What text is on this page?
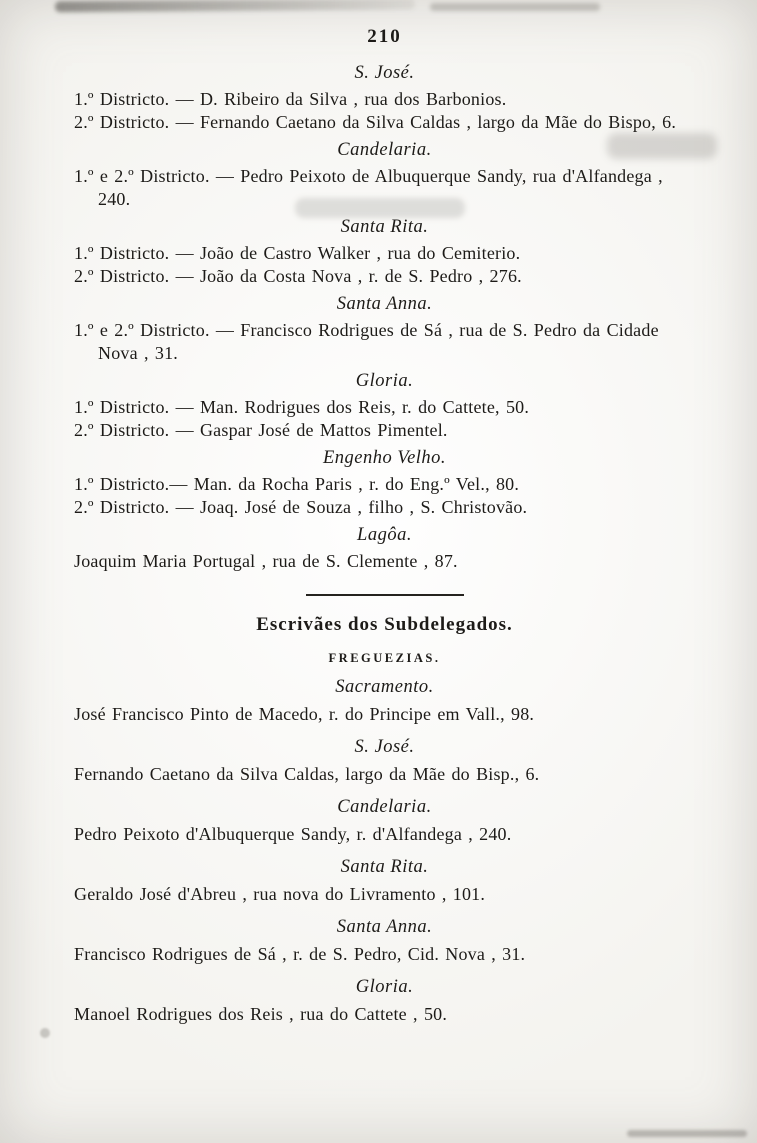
210
S. José.
1.º Districto. — D. Ribeiro da Silva , rua dos Barbonios.
2.º Districto. — Fernando Caetano da Silva Caldas , largo da Mãe do Bispo, 6.
Candelaria.
1.º e 2.º Districto. — Pedro Peixoto de Albuquerque Sandy, rua d'Alfandega , 240.
Santa Rita.
1.º Districto. — João de Castro Walker , rua do Cemiterio.
2.º Districto. — João da Costa Nova , r. de S. Pedro , 276.
Santa Anna.
1.º e 2.º Districto. — Francisco Rodrigues de Sá , rua de S. Pedro da Cidade Nova , 31.
Gloria.
1.º Districto. — Man. Rodrigues dos Reis, r. do Cattete, 50.
2.º Districto. — Gaspar José de Mattos Pimentel.
Engenho Velho.
1.º Districto.— Man. da Rocha Paris , r. do Eng.º Vel., 80.
2.º Districto. — Joaq. José de Souza , filho , S. Christovão.
Lagôa.
Joaquim Maria Portugal , rua de S. Clemente , 87.
Escrivães dos Subdelegados.
FREGUEZIAS.
Sacramento.
José Francisco Pinto de Macedo, r. do Principe em Vall., 98.
S. José.
Fernando Caetano da Silva Caldas, largo da Mãe do Bisp., 6.
Candelaria.
Pedro Peixoto d'Albuquerque Sandy, r. d'Alfandega , 240.
Santa Rita.
Geraldo José d'Abreu , rua nova do Livramento , 101.
Santa Anna.
Francisco Rodrigues de Sá , r. de S. Pedro, Cid. Nova , 31.
Gloria.
Manoel Rodrigues dos Reis , rua do Cattete , 50.
